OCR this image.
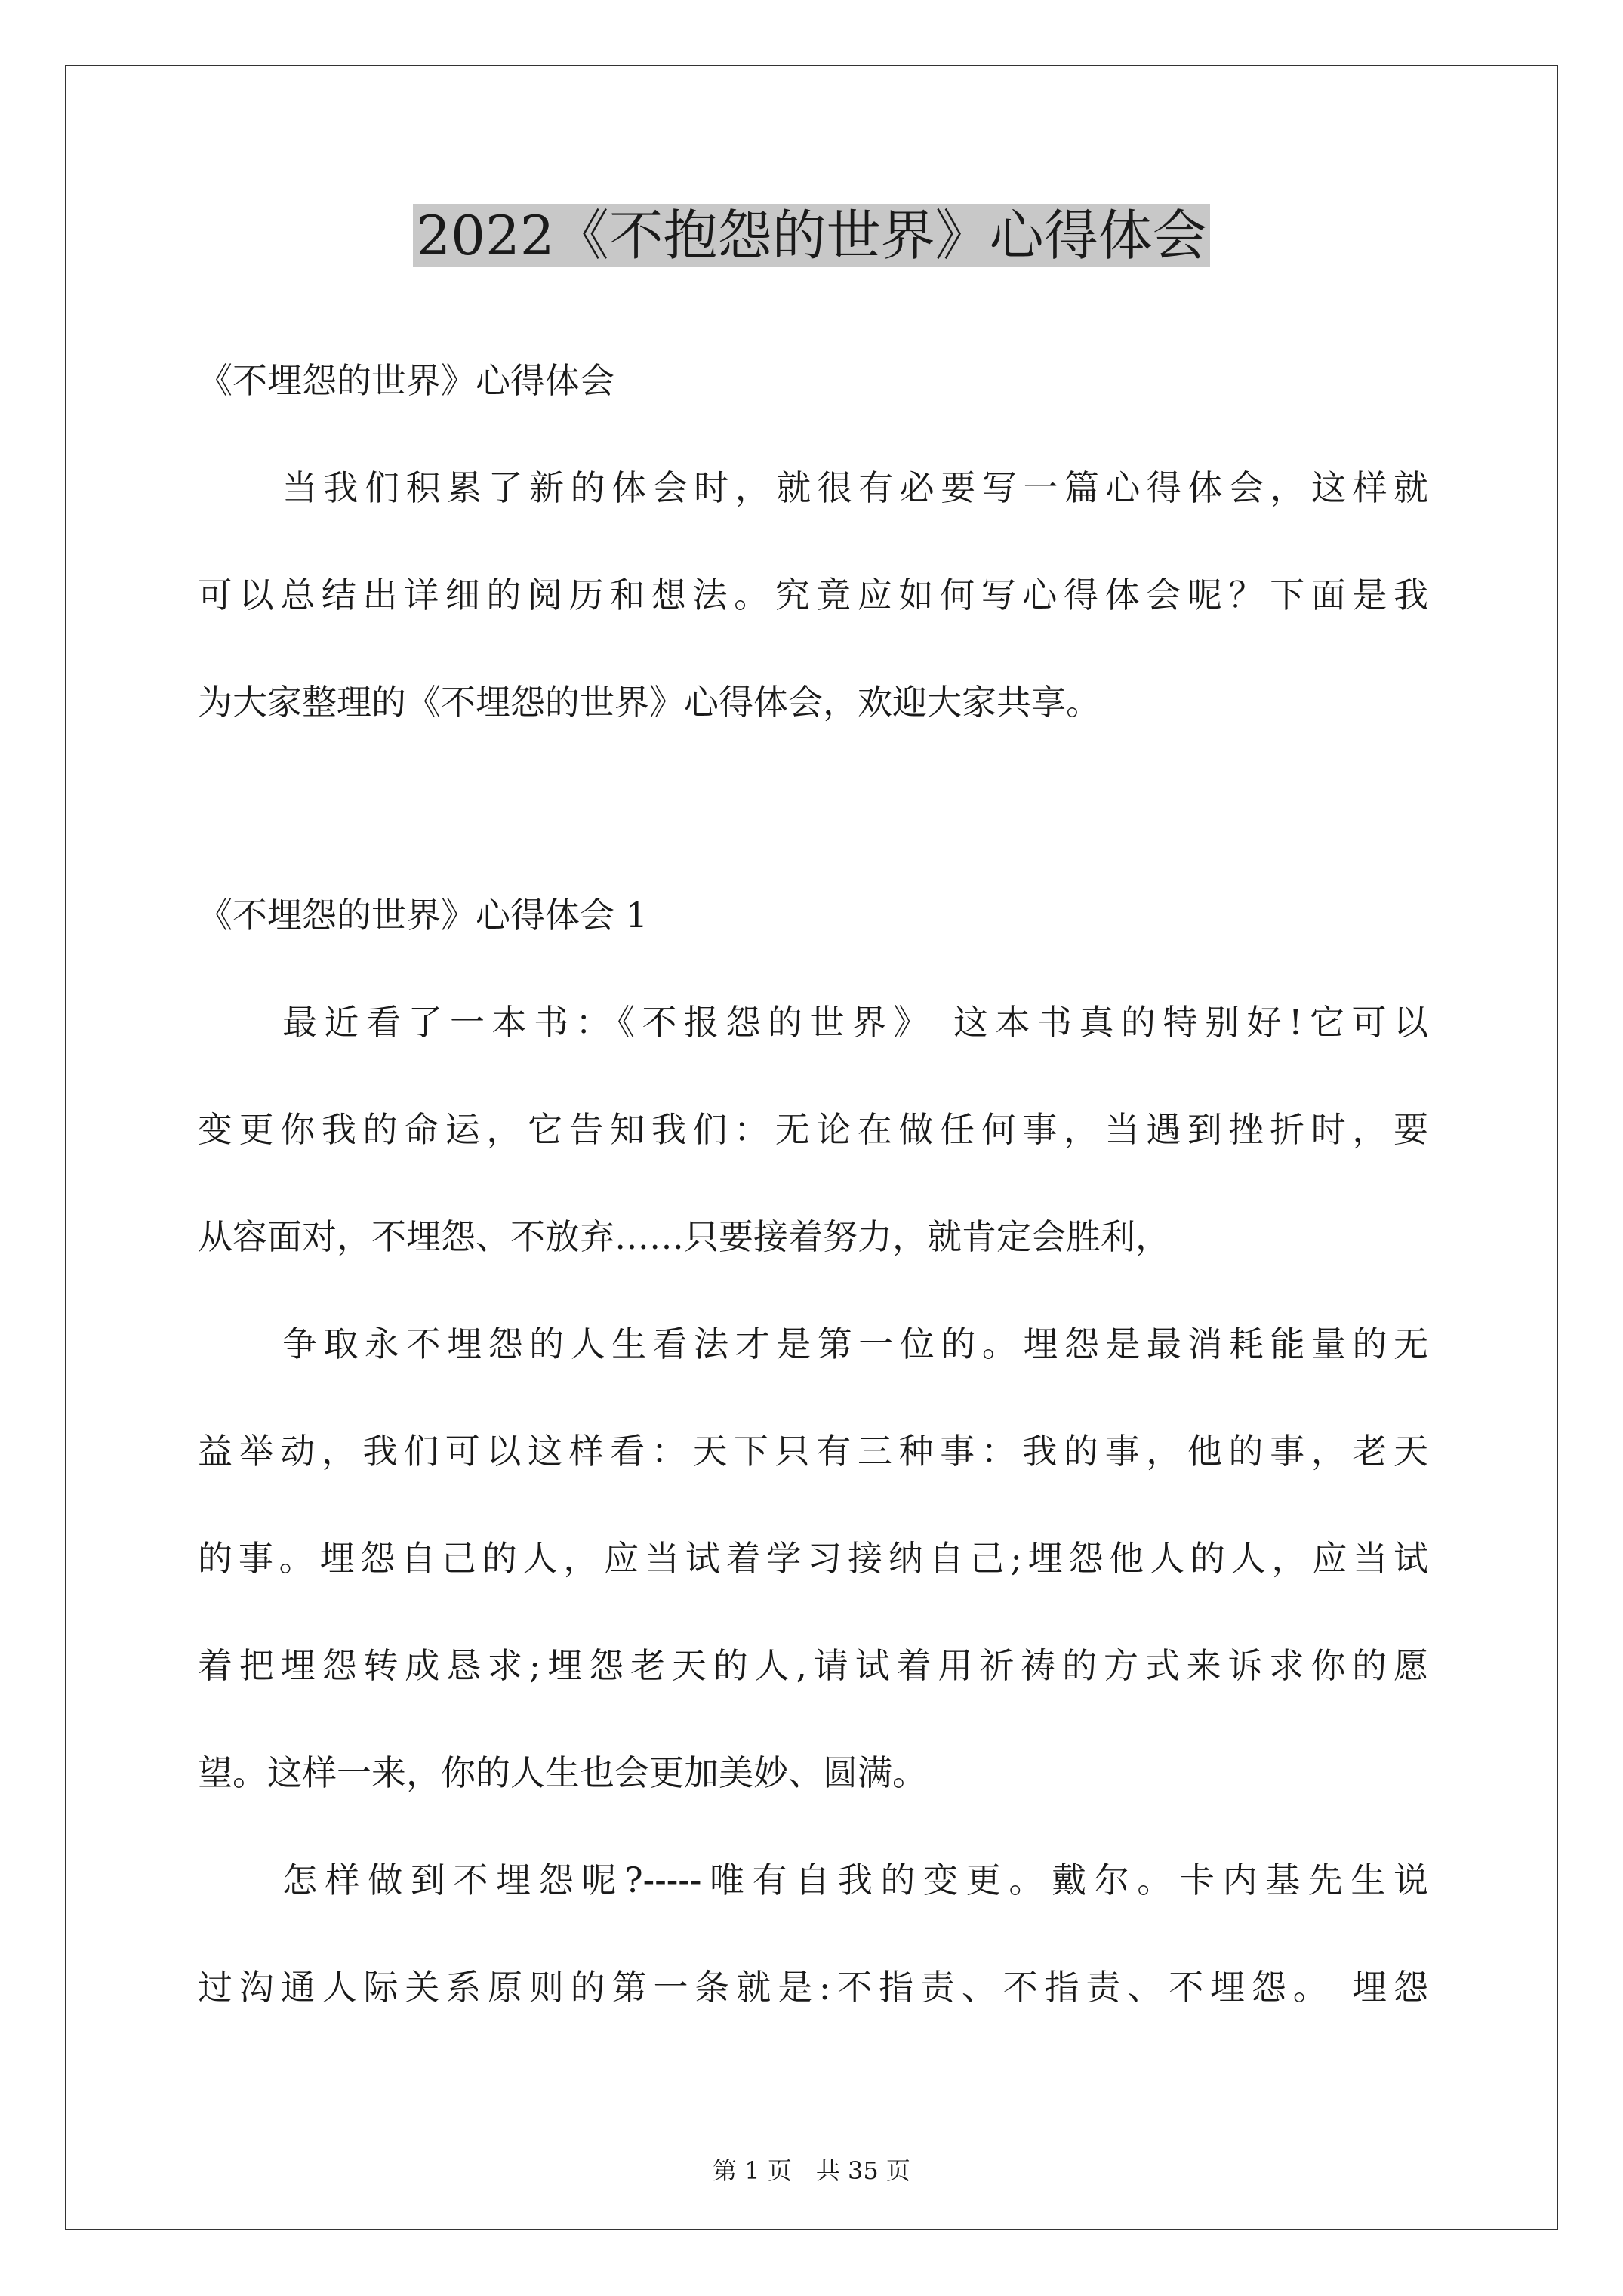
2022《不抱怨的世界》心得体会
《不埋怨的世界》心得体会
当我们积累了新的体会时，就很有必要写一篇心得体会，这样就
可以总结出详细的阅历和想法。究竟应如何写心得体会呢？下面是我
为大家整理的《不埋怨的世界》心得体会，欢迎大家共享。
《不埋怨的世界》心得体会 1
最近看了一本书：《不报怨的世界》 这本书真的特别好!它可以
变更你我的命运，它告知我们：无论在做任何事，当遇到挫折时，要
从容面对，不埋怨、不放弃……只要接着努力，就肯定会胜利，
争取永不埋怨的人生看法才是第一位的。埋怨是最消耗能量的无
益举动，我们可以这样看：天下只有三种事：我的事，他的事，老天
的事。埋怨自己的人，应当试着学习接纳自己;埋怨他人的人，应当试
着把埋怨转成恳求;埋怨老天的人,请试着用祈祷的方式来诉求你的愿
望。这样一来，你的人生也会更加美妙、圆满。
怎样做到不埋怨呢?-----唯有自我的变更。戴尔。卡内基先生说
过沟通人际关系原则的第一条就是:不指责、不指责、不埋怨。 埋怨
第 1 页　共 35 页
